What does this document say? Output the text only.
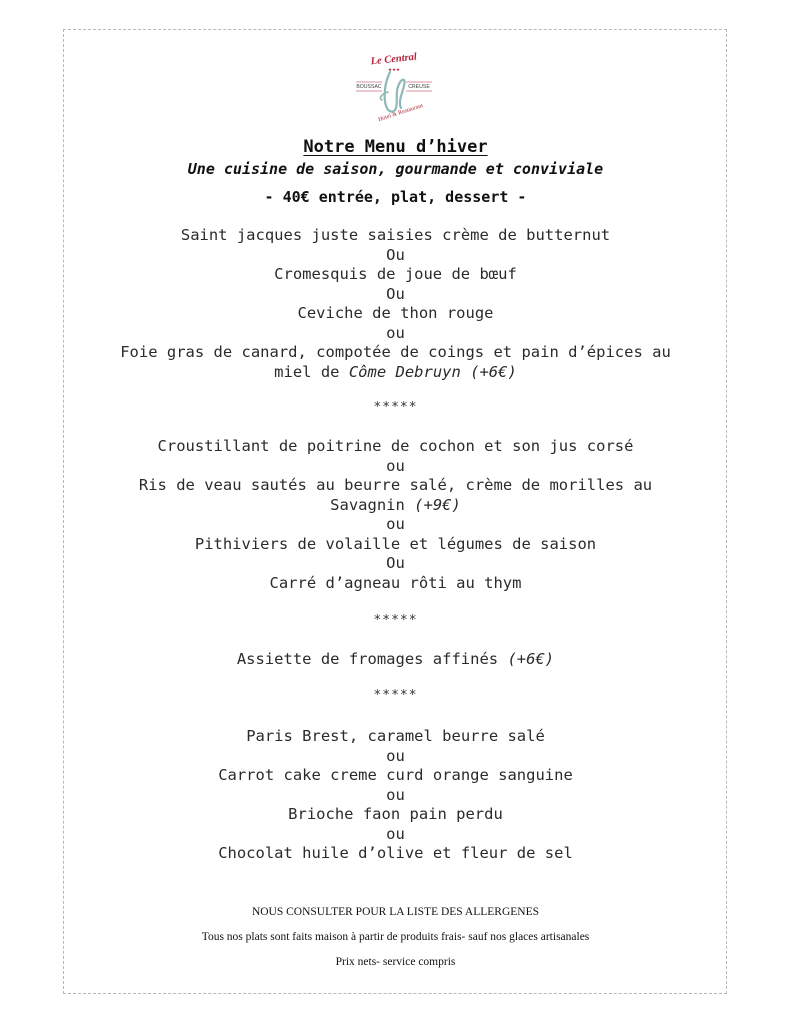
Le Central
★★★
BOUSSAC	CREUSE
Hotel & Restaurant
Notre Menu d’hiver
Une cuisine de saison, gourmande et conviviale
- 40€ entrée, plat, dessert -
Saint jacques juste saisies crème de butternut
Ou
Cromesquis de joue de bœuf
Ou
Ceviche de thon rouge
ou
Foie gras de canard, compotée de coings et pain d’épices au
miel de Côme Debruyn (+6€)
*****
Croustillant de poitrine de cochon et son jus corsé
ou
Ris de veau sautés au beurre salé, crème de morilles au
Savagnin (+9€)
ou
Pithiviers de volaille et légumes de saison
Ou
Carré d’agneau rôti au thym
*****
Assiette de fromages affinés (+6€)
*****
Paris Brest, caramel beurre salé
ou
Carrot cake creme curd orange sanguine
ou
Brioche faon pain perdu
ou
Chocolat huile d’olive et fleur de sel
NOUS CONSULTER POUR LA LISTE DES ALLERGENES
Tous nos plats sont faits maison à partir de produits frais- sauf nos glaces artisanales
Prix nets- service compris
